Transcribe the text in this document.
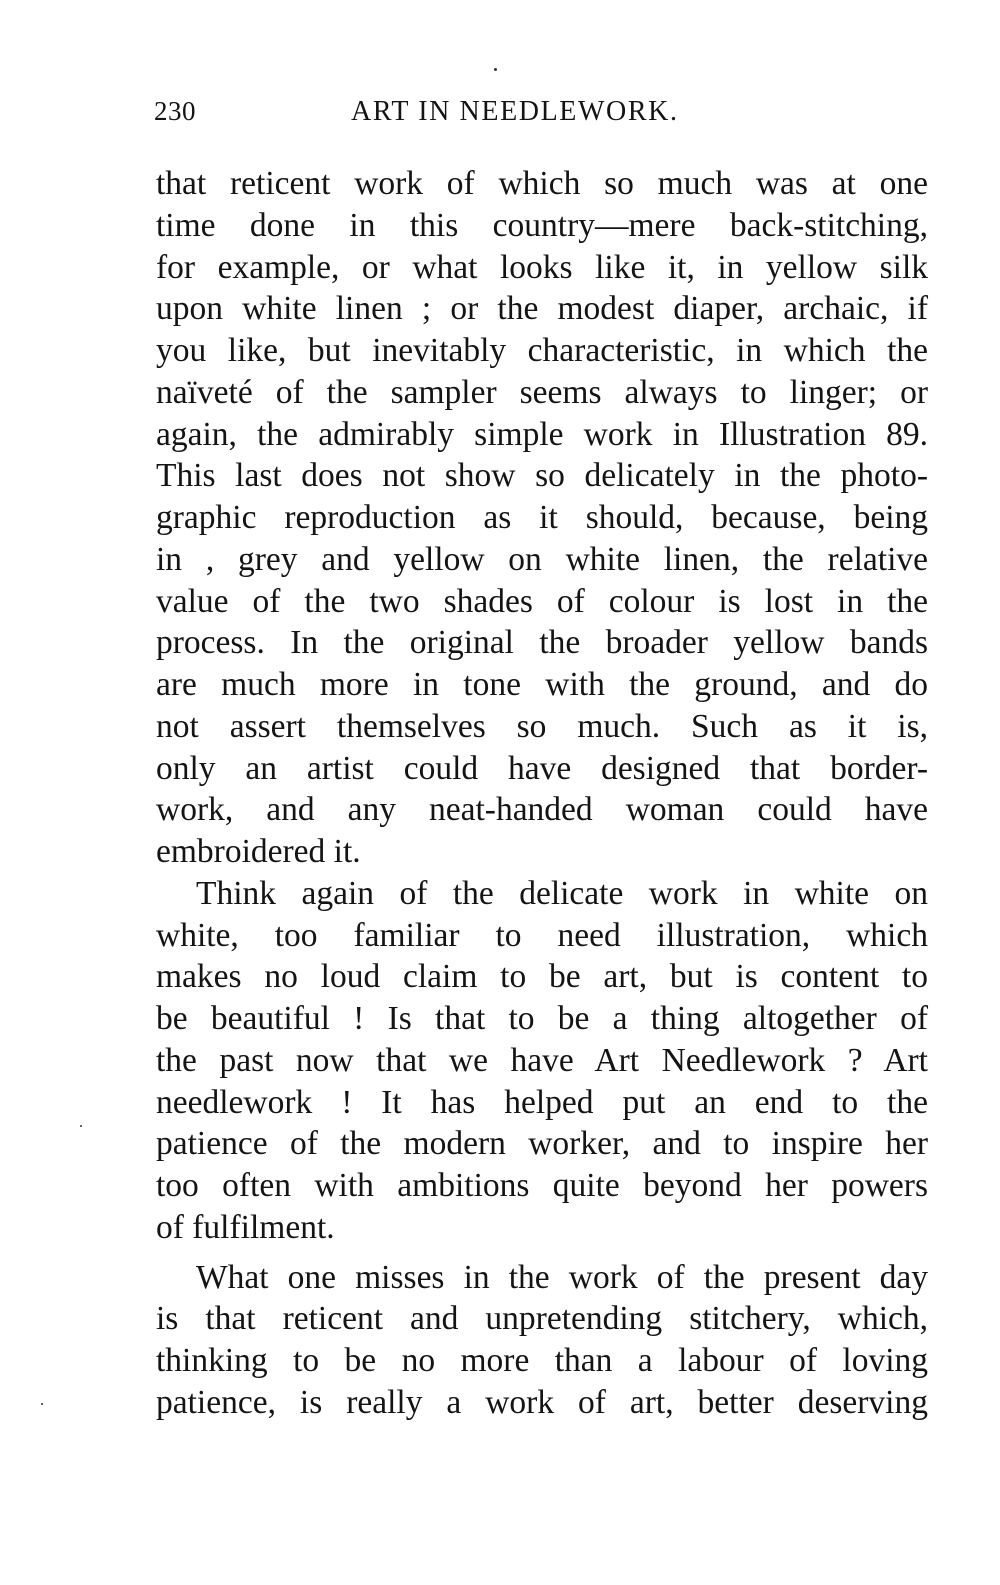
230	ART IN NEEDLEWORK.
that reticent work of which so much was at one
time done in this country—mere back-stitching,
for example, or what looks like it, in yellow silk
upon white linen ; or the modest diaper, archaic, if
you like, but inevitably characteristic, in which the
naïveté of the sampler seems always to linger; or
again, the admirably simple work in Illustration 89.
This last does not show so delicately in the photo-
graphic reproduction as it should, because, being
in , grey and yellow on white linen, the relative
value of the two shades of colour is lost in the
process. In the original the broader yellow bands
are much more in tone with the ground, and do
not assert themselves so much. Such as it is,
only an artist could have designed that border-
work, and any neat-handed woman could have
embroidered it.
Think again of the delicate work in white on
white, too familiar to need illustration, which
makes no loud claim to be art, but is content to
be beautiful ! Is that to be a thing altogether of
the past now that we have Art Needlework ? Art
needlework ! It has helped put an end to the
patience of the modern worker, and to inspire her
too often with ambitions quite beyond her powers
of fulfilment.
What one misses in the work of the present day
is that reticent and unpretending stitchery, which,
thinking to be no more than a labour of loving
patience, is really a work of art, better deserving
